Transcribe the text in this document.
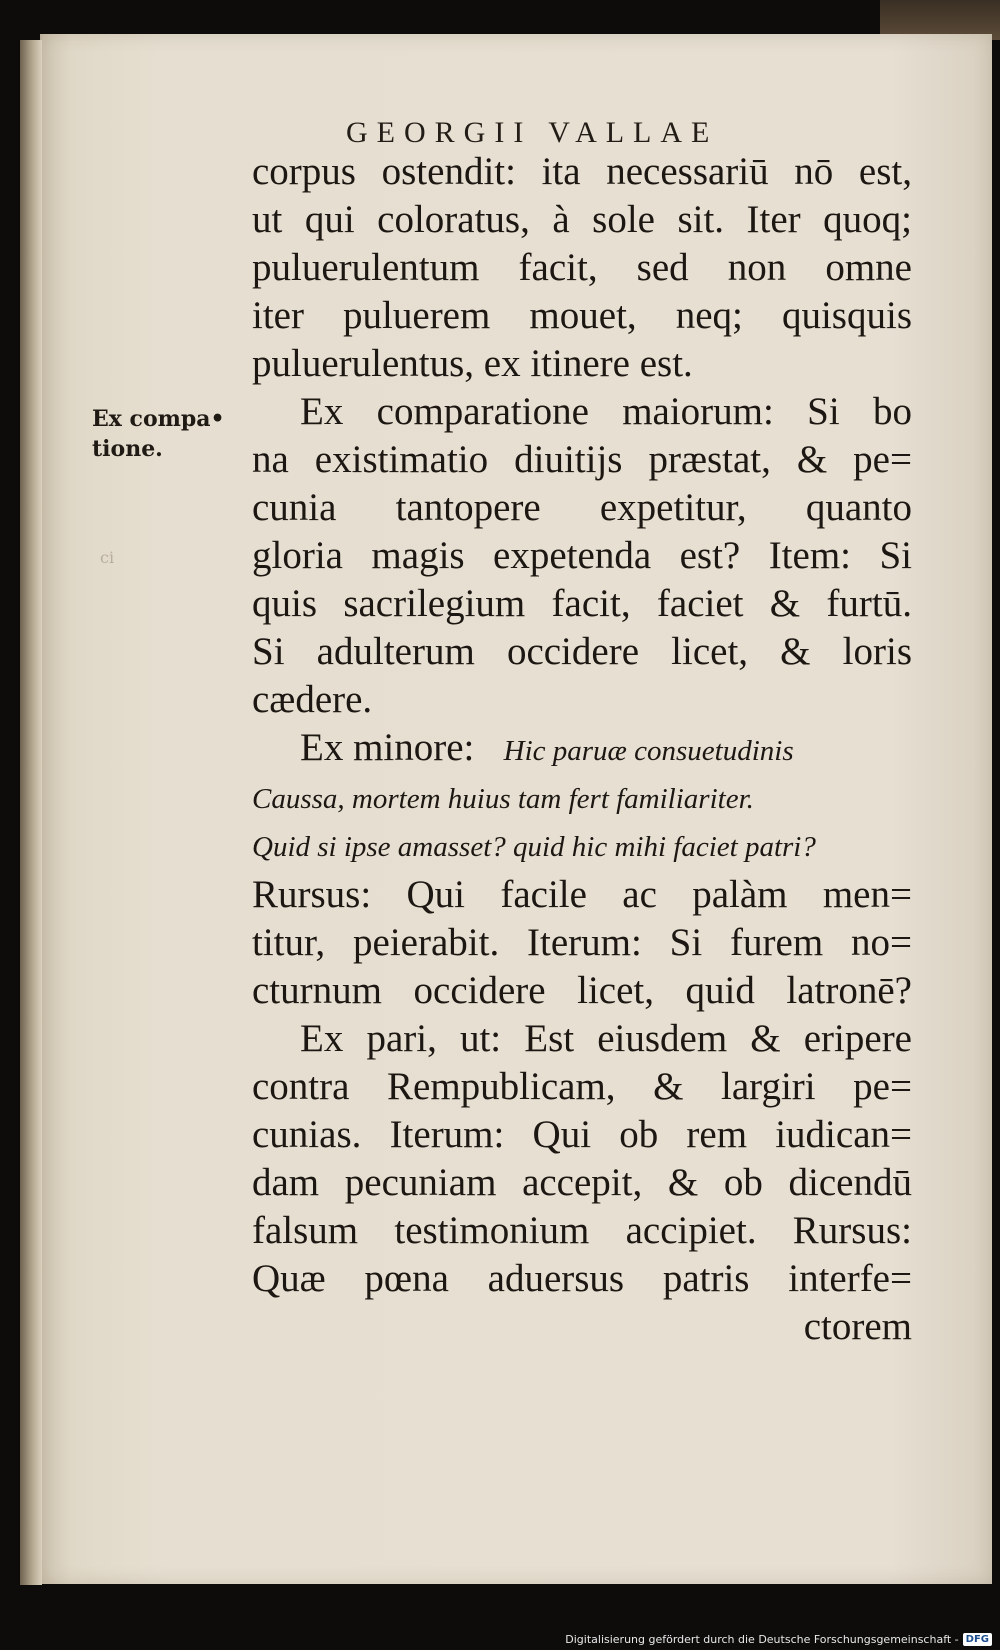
GEORGII VALLAE
Ex compa•
tione.
ci
corpus ostendit: ita necessariū nō est,
ut qui coloratus, à sole sit. Iter quoq;
puluerulentum facit, sed non omne
iter puluerem mouet, neq; quisquis
puluerulentus, ex itinere est.
Ex comparatione maiorum: Si bo
na existimatio diuitijs præstat, & pe=
cunia tantopere expetitur, quanto
gloria magis expetenda est? Item: Si
quis sacrilegium facit, faciet & furtū.
Si adulterum occidere licet, & loris
cædere.
Ex minore: Hic paruæ consuetudinis
Caussa, mortem huius tam fert familiariter.
Quid si ipse amasset? quid hic mihi faciet patri?
Rursus: Qui facile ac palàm men=
titur, peierabit. Iterum: Si furem no=
cturnum occidere licet, quid latronē?
Ex pari, ut: Est eiusdem & eripere
contra Rempublicam, & largiri pe=
cunias. Iterum: Qui ob rem iudican=
dam pecuniam accepit, & ob dicendū
falsum testimonium accipiet. Rursus:
Quæ pœna aduersus patris interfe=
ctorem
Digitalisierung gefördert durch die Deutsche Forschungsgemeinschaft - DFG
